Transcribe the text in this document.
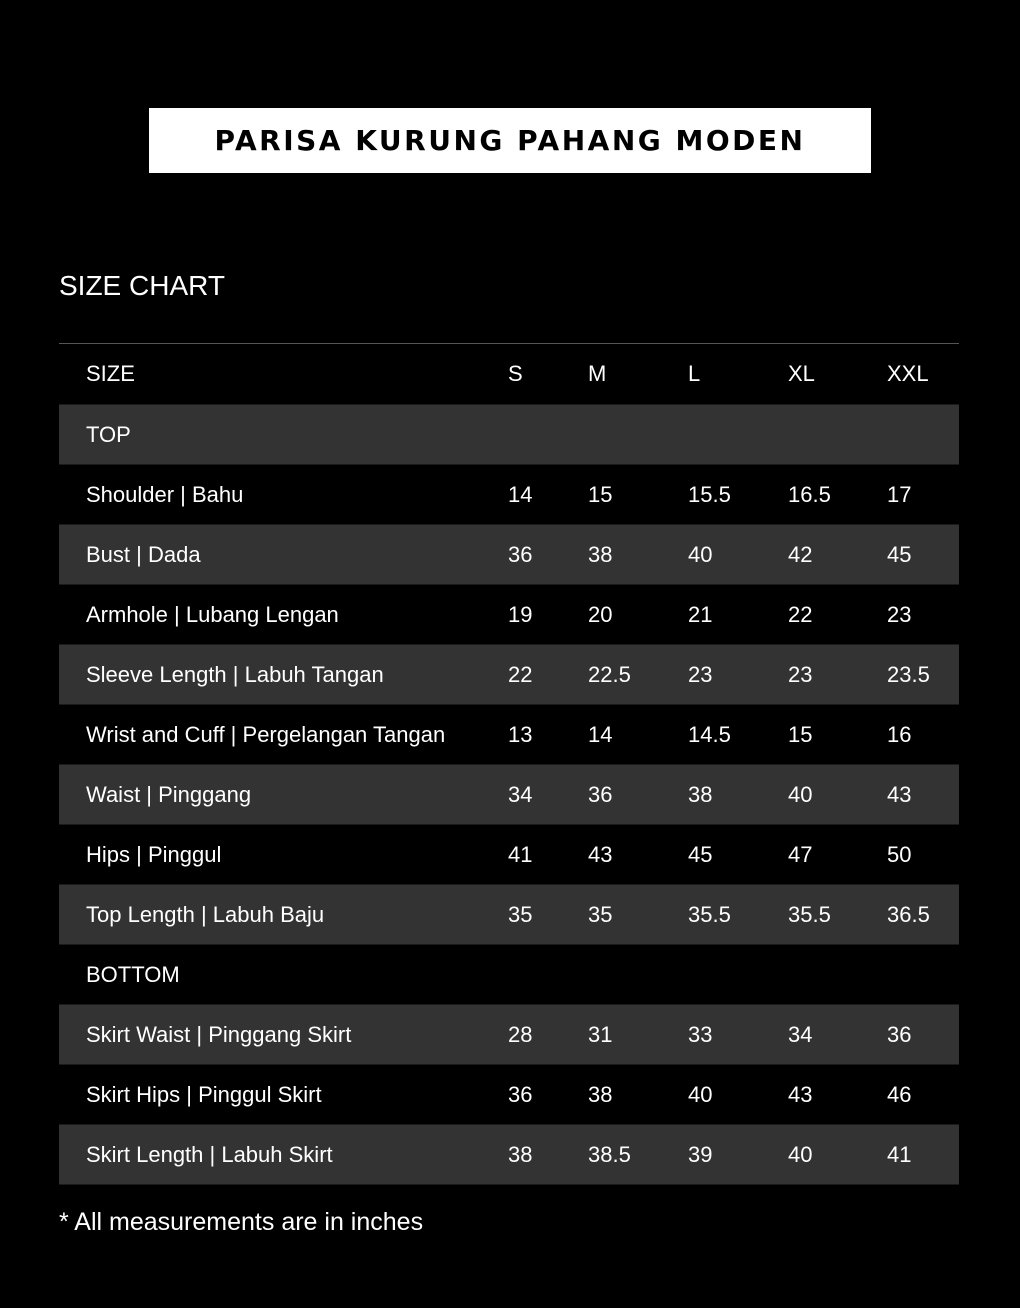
PARISA KURUNG PAHANG MODEN
SIZE CHART
SIZE	S	M	L	XL	XXL
TOP
Shoulder | Bahu	14	15	15.5	16.5	17
Bust | Dada	36	38	40	42	45
Armhole | Lubang Lengan	19	20	21	22	23
Sleeve Length | Labuh Tangan	22	22.5	23	23	23.5
Wrist and Cuff | Pergelangan Tangan	13	14	14.5	15	16
Waist | Pinggang	34	36	38	40	43
Hips | Pinggul	41	43	45	47	50
Top Length | Labuh Baju	35	35	35.5	35.5	36.5
BOTTOM
Skirt Waist | Pinggang Skirt	28	31	33	34	36
Skirt Hips | Pinggul Skirt	36	38	40	43	46
Skirt Length | Labuh Skirt	38	38.5	39	40	41
* All measurements are in inches
